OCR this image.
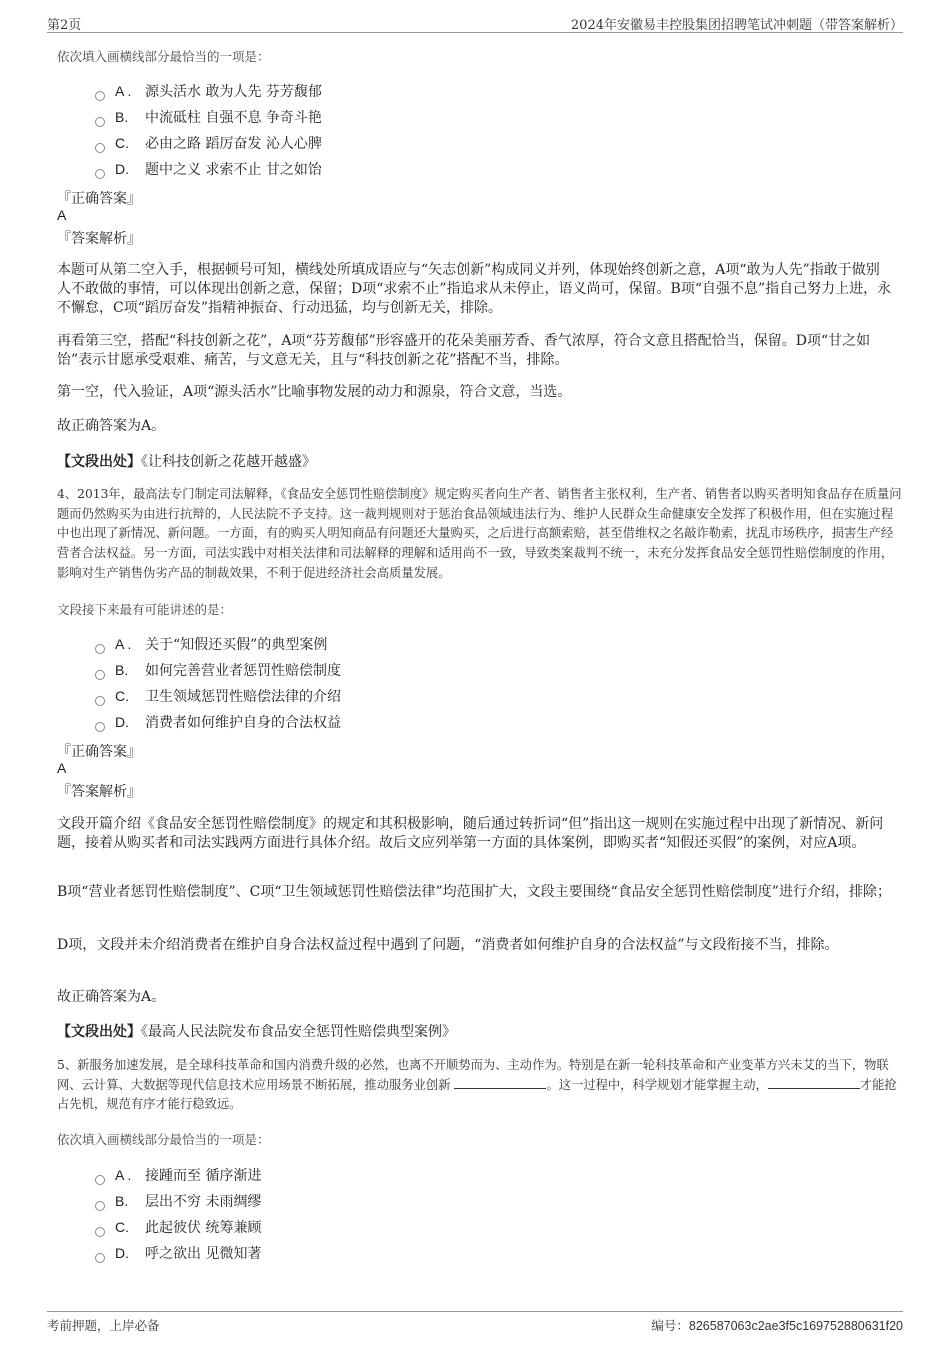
第2页	2024年安徽易丰控股集团招聘笔试冲刺题（带答案解析）
依次填入画横线部分最恰当的一项是：
A . 源头活水 敢为人先 芬芳馥郁
B. 中流砥柱 自强不息 争奇斗艳
C. 必由之路 蹈厉奋发 沁人心脾
D. 题中之义 求索不止 甘之如饴
『正确答案』
A
『答案解析』
本题可从第二空入手，根据顿号可知，横线处所填成语应与“矢志创新”构成同义并列，体现始终创新之意，A项“敢为人先”指敢于做别人不敢做的事情，可以体现出创新之意，保留；D项“求索不止”指追求从未停止，语义尚可，保留。B项“自强不息”指自己努力上进，永不懈怠，C项“蹈厉奋发”指精神振奋、行动迅猛，均与创新无关，排除。
再看第三空，搭配“科技创新之花”，A项“芬芳馥郁”形容盛开的花朵美丽芳香、香气浓厚，符合文意且搭配恰当，保留。D项“甘之如饴”表示甘愿承受艰难、痛苦，与文意无关，且与“科技创新之花”搭配不当，排除。
第一空，代入验证，A项“源头活水”比喻事物发展的动力和源泉，符合文意，当选。
故正确答案为A。
【文段出处】《让科技创新之花越开越盛》
4、2013年，最高法专门制定司法解释，《食品安全惩罚性赔偿制度》规定购买者向生产者、销售者主张权利，生产者、销售者以购买者明知食品存在质量问题而仍然购买为由进行抗辩的，人民法院不予支持。这一裁判规则对于惩治食品领域违法行为、维护人民群众生命健康安全发挥了积极作用，但在实施过程中也出现了新情况、新问题。一方面，有的购买人明知商品有问题还大量购买，之后进行高额索赔，甚至借维权之名敲诈勒索，扰乱市场秩序，损害生产经营者合法权益。另一方面，司法实践中对相关法律和司法解释的理解和适用尚不一致，导致类案裁判不统一，未充分发挥食品安全惩罚性赔偿制度的作用，影响对生产销售伪劣产品的制裁效果，不利于促进经济社会高质量发展。
文段接下来最有可能讲述的是：
A . 关于“知假还买假”的典型案例
B. 如何完善营业者惩罚性赔偿制度
C. 卫生领域惩罚性赔偿法律的介绍
D. 消费者如何维护自身的合法权益
『正确答案』
A
『答案解析』
文段开篇介绍《食品安全惩罚性赔偿制度》的规定和其积极影响，随后通过转折词“但”指出这一规则在实施过程中出现了新情况、新问题，接着从购买者和司法实践两方面进行具体介绍。故后文应列举第一方面的具体案例，即购买者“知假还买假”的案例，对应A项。
B项“营业者惩罚性赔偿制度”、C项“卫生领域惩罚性赔偿法律”均范围扩大，文段主要围绕“食品安全惩罚性赔偿制度”进行介绍，排除；
D项，文段并未介绍消费者在维护自身合法权益过程中遇到了问题，“消费者如何维护自身的合法权益”与文段衔接不当，排除。
故正确答案为A。
【文段出处】《最高人民法院发布食品安全惩罚性赔偿典型案例》
5、新服务加速发展，是全球科技革命和国内消费升级的必然，也离不开顺势而为、主动作为。特别是在新一轮科技革命和产业变革方兴未艾的当下，物联网、云计算、大数据等现代信息技术应用场景不断拓展，推动服务业创新	。这一过程中，科学规划才能掌握主动，	才能抢占先机，规范有序才能行稳致远。
依次填入画横线部分最恰当的一项是：
A . 接踵而至 循序渐进
B. 层出不穷 未雨绸缪
C. 此起彼伏 统筹兼顾
D. 呼之欲出 见微知著
考前押题，上岸必备	编号：826587063c2ae3f5c169752880631f20
